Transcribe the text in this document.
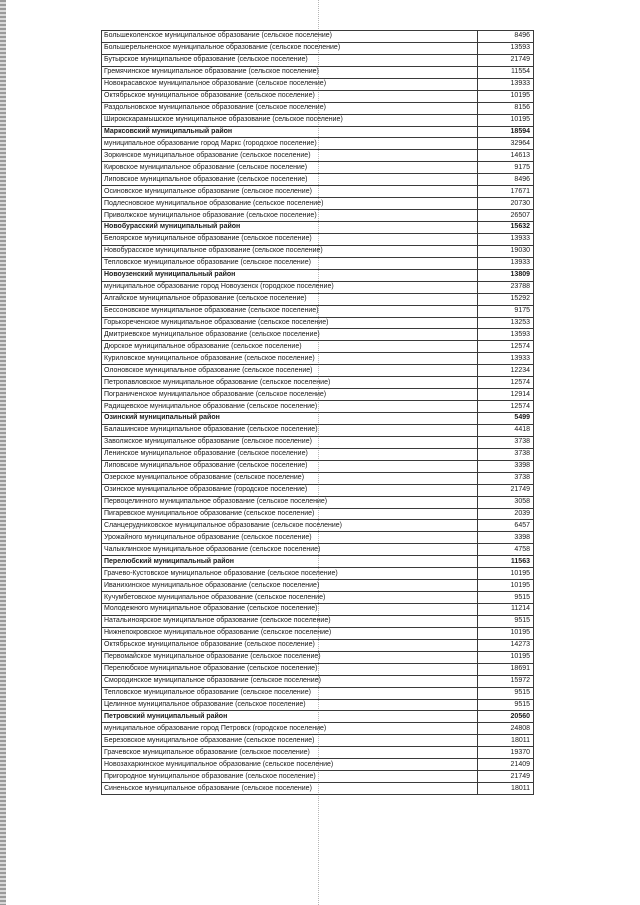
Большеколенское муниципальное образование (сельское поселение)	8496
Большерельненское муниципальное образование (сельское поселение)	13593
Бутырское муниципальное образование (сельское поселение)	21749
Гремячинское муниципальное образование (сельское поселение)	11554
Новокрасавское муниципальное образование (сельское поселение)	13933
Октябрьское муниципальное образование (сельское поселение)	10195
Раздольновское муниципальное образование (сельское поселение)	8156
Широкскарамышское муниципальное образование (сельское поселение)	10195
Марксовский муниципальный район	18594
муниципальное образование город Маркс (городское поселение)	32964
Зоркинское муниципальное образование (сельское поселение)	14613
Кировское муниципальное образование (сельское поселение)	9175
Липовское муниципальное образование (сельское поселение)	8496
Осиновское муниципальное образование (сельское поселение)	17671
Подлесновское муниципальное образование (сельское поселение)	20730
Приволжское муниципальное образование (сельское поселение)	26507
Новобурасский муниципальный район	15632
Белоярское муниципальное образование (сельское поселение)	13933
Новобурасское муниципальное образование (сельское поселение)	19030
Тепловское муниципальное образование (сельское поселение)	13933
Новоузенский муниципальный район	13809
муниципальное образование город Новоузенск (городское поселение)	23788
Алгайское муниципальное образование (сельское поселение)	15292
Бессоновское муниципальное образование (сельское поселение)	9175
Горькореченское муниципальное образование (сельское поселение)	13253
Дмитриевское муниципальное образование (сельское поселение)	13593
Дюрское муниципальное образование (сельское поселение)	12574
Куриловское муниципальное образование (сельское поселение)	13933
Олоновское муниципальное образование (сельское поселение)	12234
Петропавловское муниципальное образование (сельское поселение)	12574
Пограниченское муниципальное образование (сельское поселение)	12914
Радищевское муниципальное образование (сельское поселение)	12574
Озинский муниципальный район	5499
Балашинское муниципальное образование (сельское поселение)	4418
Заволжское муниципальное образование (сельское поселение)	3738
Ленинское муниципальное образование (сельское поселение)	3738
Липовское муниципальное образование (сельское поселение)	3398
Озерское муниципальное образование (сельское поселение)	3738
Озинское муниципальное образование (городское поселение)	21749
Первоцелинного муниципальное образование (сельское поселение)	3058
Пигаревское муниципальное образование (сельское поселение)	2039
Сланцерудниковское муниципальное образование (сельское поселение)	6457
Урожайного муниципальное образование (сельское поселение)	3398
Чалыклинское муниципальное образование (сельское поселение)	4758
Перелюбский муниципальный район	11563
Грачево-Кустовское муниципальное образование (сельское поселение)	10195
Иванихинское муниципальное образование (сельское поселение)	10195
Кучумбетовское муниципальное образование (сельское поселение)	9515
Молодежного муниципальное образование (сельское поселение)	11214
Натальиноярское муниципальное образование (сельское поселение)	9515
Нижнепокровское муниципальное образование (сельское поселение)	10195
Октябрьское муниципальное образование (сельское поселение)	14273
Первомайское муниципальное образование (сельское поселение)	10195
Перелюбское муниципальное образование (сельское поселение)	18691
Смородинское муниципальное образование (сельское поселение)	15972
Тепловское муниципальное образование (сельское поселение)	9515
Целинное муниципальное образование (сельское поселение)	9515
Петровский муниципальный район	20560
муниципальное образование город Петровск (городское поселение)	24808
Березовское муниципальное образование (сельское поселение)	18011
Грачевское муниципальное образование (сельское поселение)	19370
Новозахаркинское муниципальное образование (сельское поселение)	21409
Пригородное муниципальное образование (сельское поселение)	21749
Синеньское муниципальное образование (сельское поселение)	18011
